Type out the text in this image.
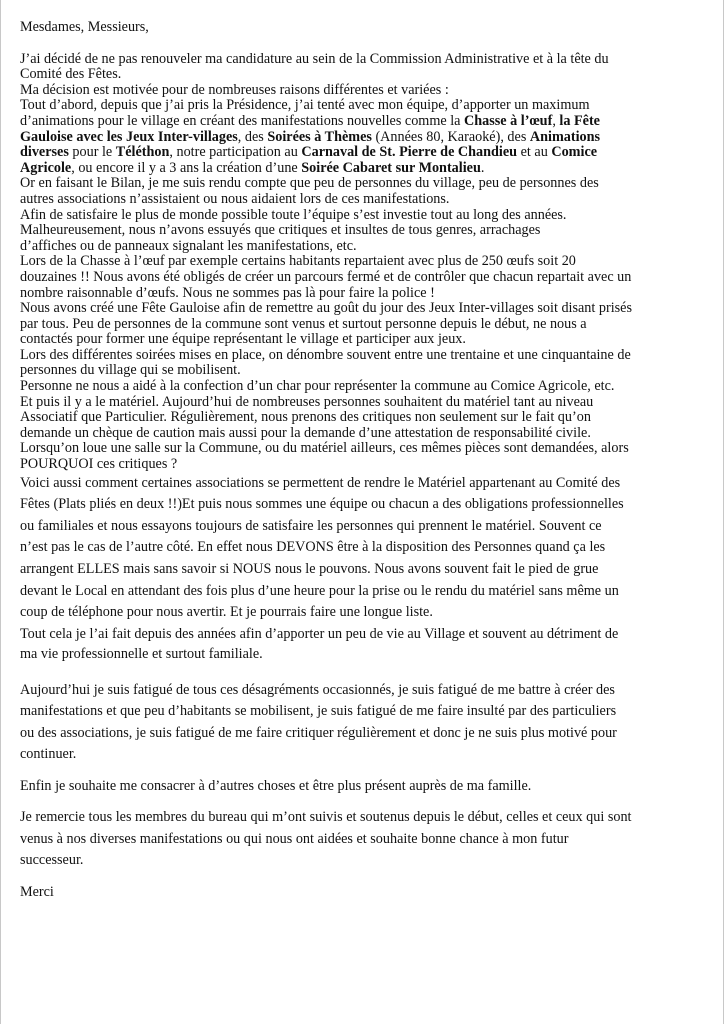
Mesdames, Messieurs,

J’ai décidé de ne pas renouveler ma candidature au sein de la Commission Administrative et à la tête du
Comité des Fêtes.

Ma décision est motivée pour de nombreuses raisons différentes et variées :

Tout d’abord, depuis que j’ai pris la Présidence, j’ai tenté avec mon équipe, d’apporter un maximum
d’animations pour le village en créant des manifestations nouvelles comme la Chasse à l’œuf, la Fête
Gauloise avec les Jeux Inter-villages, des Soirées à Thèmes (Années 80, Karaoké), des Animations
diverses pour le Téléthon, notre participation au Carnaval de St. Pierre de Chandieu et au Comice
Agricole, ou encore il y a 3 ans la création d’une Soirée Cabaret sur Montalieu.

Or en faisant le Bilan, je me suis rendu compte que peu de personnes du village, peu de personnes des
autres associations n’assistaient ou nous aidaient lors de ces manifestations.

Afin de satisfaire le plus de monde possible toute l’équipe s’est investie tout au long des années.

Malheureusement, nous n’avons essuyés que critiques et insultes de tous genres, arrachages
d’affiches ou de panneaux signalant les manifestations, etc.

Lors de la Chasse à l’œuf par exemple certains habitants repartaient avec plus de 250 œufs soit 20
douzaines !! Nous avons été obligés de créer un parcours fermé et de contrôler que chacun repartait avec un
nombre raisonnable d’œufs. Nous ne sommes pas là pour faire la police !

Nous avons créé une Fête Gauloise afin de remettre au goût du jour des Jeux Inter-villages soit disant prisés
par tous. Peu de personnes de la commune sont venus et surtout personne depuis le début, ne nous a
contactés pour former une équipe représentant le village et participer aux jeux.

Lors des différentes soirées mises en place, on dénombre souvent entre une trentaine et une cinquantaine de
personnes du village qui se mobilisent.

Personne ne nous a aidé à la confection d’un char pour représenter la commune au Comice Agricole, etc.

Et puis il y a le matériel. Aujourd’hui de nombreuses personnes souhaitent du matériel tant au niveau
Associatif que Particulier. Régulièrement, nous prenons des critiques non seulement sur le fait qu’on
demande un chèque de caution mais aussi pour la demande d’une attestation de responsabilité civile.

Lorsqu’on loue une salle sur la Commune, ou du matériel ailleurs, ces mêmes pièces sont demandées, alors
POURQUOI ces critiques ?

Voici aussi comment certaines associations se permettent de rendre le Matériel appartenant au Comité des
Fêtes (Plats pliés en deux !!)Et puis nous sommes une équipe ou chacun a des obligations professionnelles
ou familiales et nous essayons toujours de satisfaire les personnes qui prennent le matériel. Souvent ce
n’est pas le cas de l’autre côté. En effet nous DEVONS être à la disposition des Personnes quand ça les
arrangent ELLES mais sans savoir si NOUS nous le pouvons. Nous avons souvent fait le pied de grue
devant le Local en attendant des fois plus d’une heure pour la prise ou le rendu du matériel sans même un
coup de téléphone pour nous avertir. Et je pourrais faire une longue liste.

Tout cela je l’ai fait depuis des années afin d’apporter un peu de vie au Village et souvent au détriment de
ma vie professionnelle et surtout familiale.

Aujourd’hui je suis fatigué de tous ces désagréments occasionnés, je suis fatigué de me battre à créer des
manifestations et que peu d’habitants se mobilisent, je suis fatigué de me faire insulté par des particuliers
ou des associations, je suis fatigué de me faire critiquer régulièrement et donc je ne suis plus motivé pour
continuer.

Enfin je souhaite me consacrer à d’autres choses et être plus présent auprès de ma famille.

Je remercie tous les membres du bureau qui m’ont suivis et soutenus depuis le début, celles et ceux qui sont
venus à nos diverses manifestations ou qui nous ont aidées et souhaite bonne chance à mon futur
successeur.

Merci
